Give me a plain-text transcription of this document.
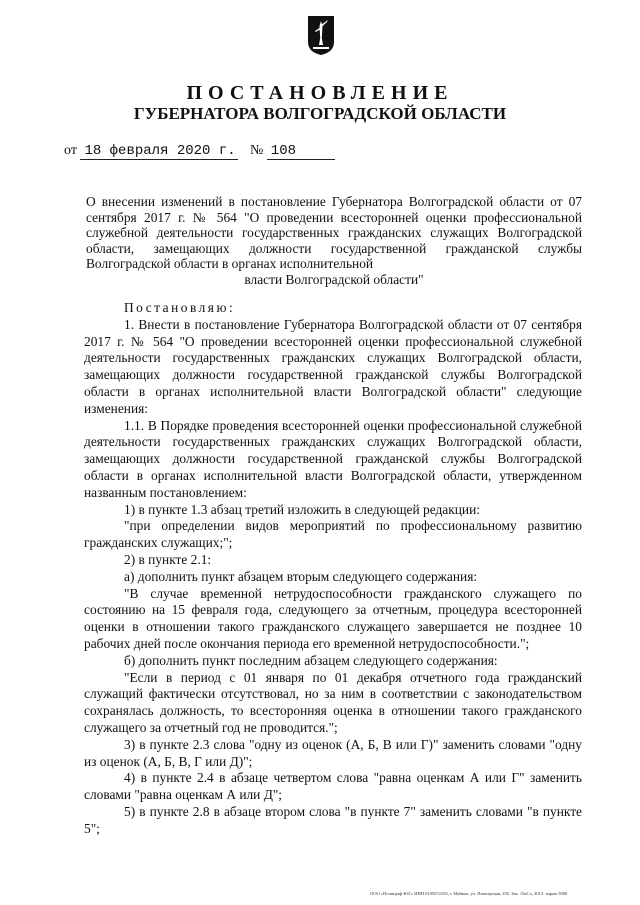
ПОСТАНОВЛЕНИЕ
ГУБЕРНАТОРА ВОЛГОГРАДСКОЙ ОБЛАСТИ
от 18 февраля 2020 г. № 108
О внесении изменений в постановление Губернатора Волгоградской области от 07 сентября 2017 г. № 564 "О проведении всесторонней оценки профессиональной служебной деятельности государственных гражданских служащих Волгоградской области, замещающих должности государственной гражданской службы Волгоградской области в органах исполнительной
власти Волгоградской области"

Постановляю:

1. Внести в постановление Губернатора Волгоградской области от 07 сентября 2017 г. № 564 "О проведении всесторонней оценки профессиональной служебной деятельности государственных гражданских служащих Волгоградской области, замещающих должности государственной гражданской службы Волгоградской области в органах исполнительной власти Волгоградской области" следующие изменения:

1.1. В Порядке проведения всесторонней оценки профессиональной служебной деятельности государственных гражданских служащих Волгоградской области, замещающих должности государственной гражданской службы Волгоградской области в органах исполнительной власти Волгоградской области, утвержденном названным постановлением:

1) в пункте 1.3 абзац третий изложить в следующей редакции:

"при определении видов мероприятий по профессиональному развитию гражданских служащих;";

2) в пункте 2.1:

а) дополнить пункт абзацем вторым следующего содержания:

"В случае временной нетрудоспособности гражданского служащего по состоянию на 15 февраля года, следующего за отчетным, процедура всесторонней оценки в отношении такого гражданского служащего завершается не позднее 10 рабочих дней после окончания периода его временной нетрудоспособности.";

б) дополнить пункт последним абзацем следующего содержания:

"Если в период с 01 января по 01 декабря отчетного года гражданский служащий фактически отсутствовал, но за ним в соответствии с законодательством сохранялась должность, то всесторонняя оценка в отношении такого гражданского служащего за отчетный год не проводится.";

3) в пункте 2.3 слова "одну из оценок (А, Б, В или Г)" заменить словами "одну из оценок (А, Б, В, Г или Д)";

4) в пункте 2.4 в абзаце четвертом слова "равна оценкам А или Г" заменить словами "равна оценкам А или Д";

5) в пункте 2.8 в абзаце втором слова "в пункте 7" заменить словами "в пункте 5";

ООО «Полиграф-ЮГ» ИНН 0105072250, г. Майкоп, ул. Пионерская, 295. Зак. 15кСл, 2013. тираж 5000
